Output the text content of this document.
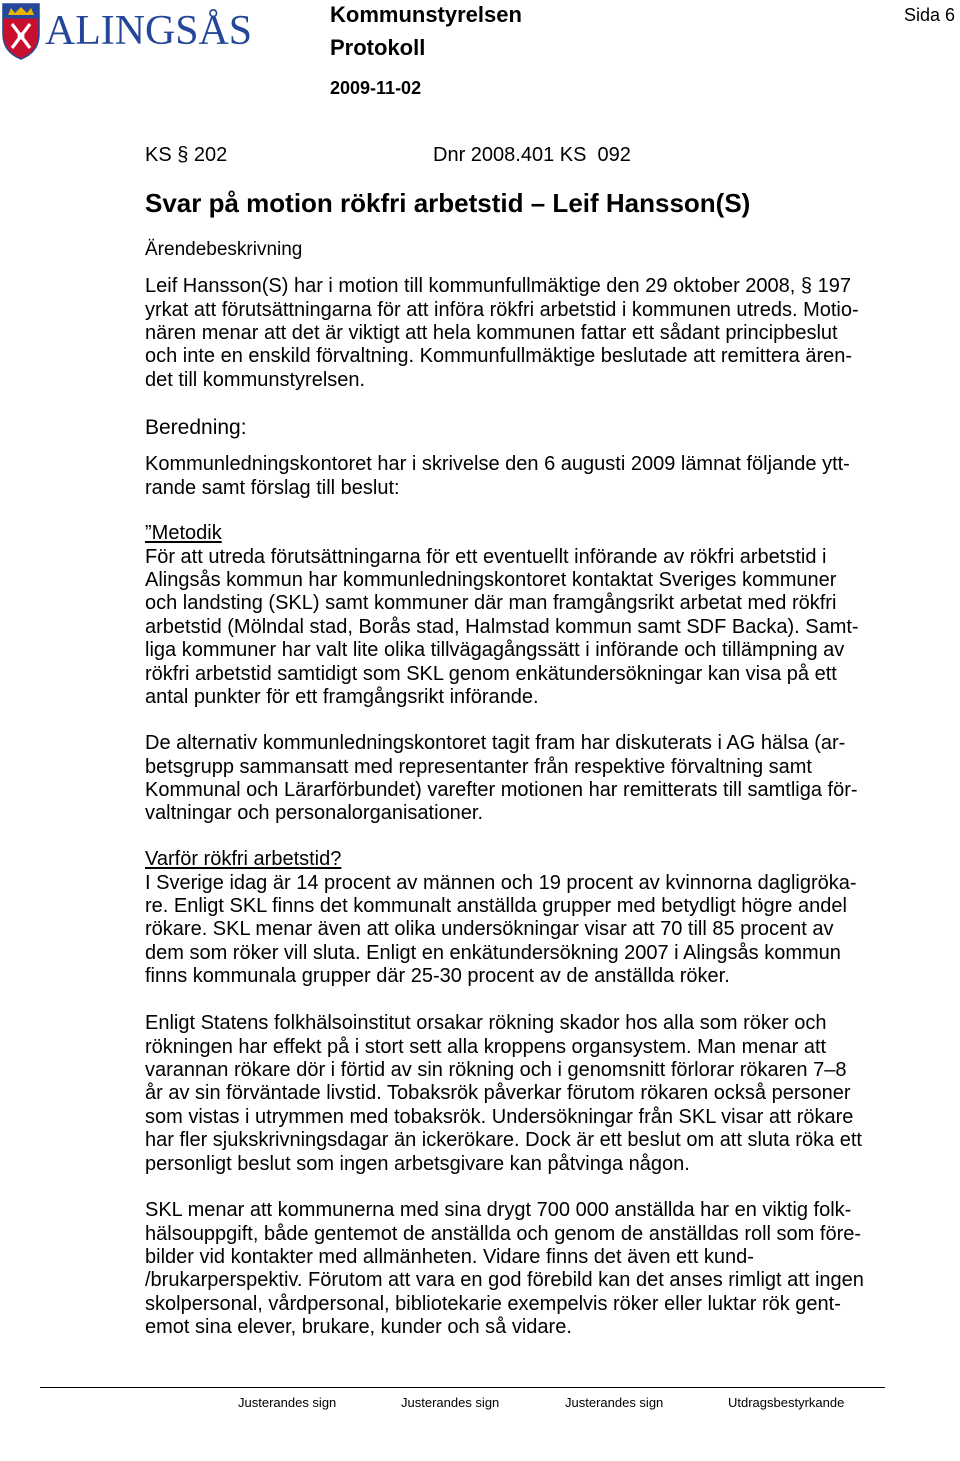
ALINGSÅS	Kommunstyrelsen
Protokoll
2009-11-02
Sida 6
KS § 202	Dnr 2008.401 KS  092
Svar på motion rökfri arbetstid – Leif Hansson(S)
Ärendebeskrivning
Leif Hansson(S) har i motion till kommunfullmäktige den 29 oktober 2008, § 197
yrkat att förutsättningarna för att införa rökfri arbetstid i kommunen utreds. Motio-
nären menar att det är viktigt att hela kommunen fattar ett sådant principbeslut
och inte en enskild förvaltning. Kommunfullmäktige beslutade att remittera ären-
det till kommunstyrelsen.
Beredning:
Kommunledningskontoret har i skrivelse den 6 augusti 2009 lämnat följande ytt-
rande samt förslag till beslut:
”Metodik
För att utreda förutsättningarna för ett eventuellt införande av rökfri arbetstid i
Alingsås kommun har kommunledningskontoret kontaktat Sveriges kommuner
och landsting (SKL) samt kommuner där man framgångsrikt arbetat med rökfri
arbetstid (Mölndal stad, Borås stad, Halmstad kommun samt SDF Backa). Samt-
liga kommuner har valt lite olika tillvägagångssätt i införande och tillämpning av
rökfri arbetstid samtidigt som SKL genom enkätundersökningar kan visa på ett
antal punkter för ett framgångsrikt införande.
De alternativ kommunledningskontoret tagit fram har diskuterats i AG hälsa (ar-
betsgrupp sammansatt med representanter från respektive förvaltning samt
Kommunal och Lärarförbundet) varefter motionen har remitterats till samtliga för-
valtningar och personalorganisationer.
Varför rökfri arbetstid?
I Sverige idag är 14 procent av männen och 19 procent av kvinnorna dagligröka-
re. Enligt SKL finns det kommunalt anställda grupper med betydligt högre andel
rökare. SKL menar även att olika undersökningar visar att 70 till 85 procent av
dem som röker vill sluta. Enligt en enkätundersökning 2007 i Alingsås kommun
finns kommunala grupper där 25-30 procent av de anställda röker.
Enligt Statens folkhälsoinstitut orsakar rökning skador hos alla som röker och
rökningen har effekt på i stort sett alla kroppens organsystem. Man menar att
varannan rökare dör i förtid av sin rökning och i genomsnitt förlorar rökaren 7–8
år av sin förväntade livstid. Tobaksrök påverkar förutom rökaren också personer
som vistas i utrymmen med tobaksrök. Undersökningar från SKL visar att rökare
har fler sjukskrivningsdagar än ickerökare. Dock är ett beslut om att sluta röka ett
personligt beslut som ingen arbetsgivare kan påtvinga någon.
SKL menar att kommunerna med sina drygt 700 000 anställda har en viktig folk-
hälsouppgift, både gentemot de anställda och genom de anställdas roll som före-
bilder vid kontakter med allmänheten. Vidare finns det även ett kund-
/brukarperspektiv. Förutom att vara en god förebild kan det anses rimligt att ingen
skolpersonal, vårdpersonal, bibliotekarie exempelvis röker eller luktar rök gent-
emot sina elever, brukare, kunder och så vidare.
Justerandes sign	Justerandes sign	Justerandes sign	Utdragsbestyrkande
